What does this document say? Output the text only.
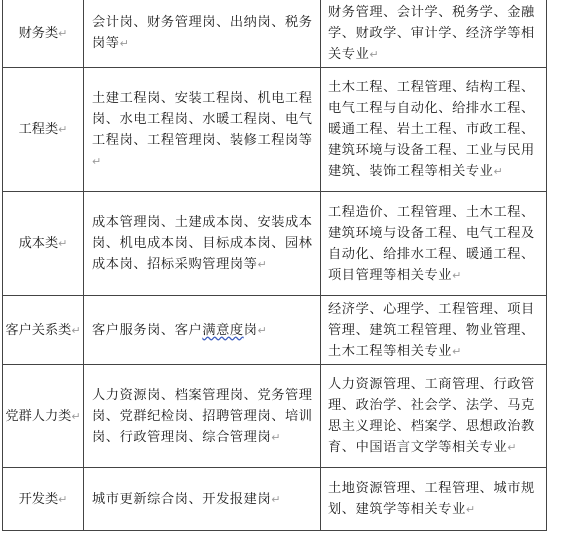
财务类↵	会计岗、财务管理岗、出纳岗、税务岗等↵	财务管理、会计学、税务学、金融学、财政学、审计学、经济学等相关专业↵
工程类↵	土建工程岗、安装工程岗、机电工程岗、水电工程岗、水暖工程岗、电气工程岗、工程管理岗、装修工程岗等 ↵	土木工程、工程管理、结构工程、电气工程与自动化、给排水工程、暖通工程、岩土工程、市政工程、建筑环境与设备工程、工业与民用建筑、装饰工程等相关专业↵
成本类↵	成本管理岗、土建成本岗、安装成本岗、机电成本岗、目标成本岗、园林成本岗、招标采购管理岗等↵	工程造价、工程管理、土木工程、建筑环境与设备工程、电气工程及自动化、给排水工程、暖通工程、项目管理等相关专业↵
客户关系类↵	客户服务岗、客户满意度岗↵	经济学、心理学、工程管理、项目管理、建筑工程管理、物业管理、土木工程等相关专业↵
党群人力类↵	人力资源岗、档案管理岗、党务管理岗、党群纪检岗、招聘管理岗、培训岗、行政管理岗、综合管理岗↵	人力资源管理、工商管理、行政管理、政治学、社会学、法学、马克思主义理论、档案学、思想政治教育、中国语言文学等相关专业↵
开发类↵	城市更新综合岗、开发报建岗↵	土地资源管理、工程管理、城市规划、建筑学等相关专业↵
